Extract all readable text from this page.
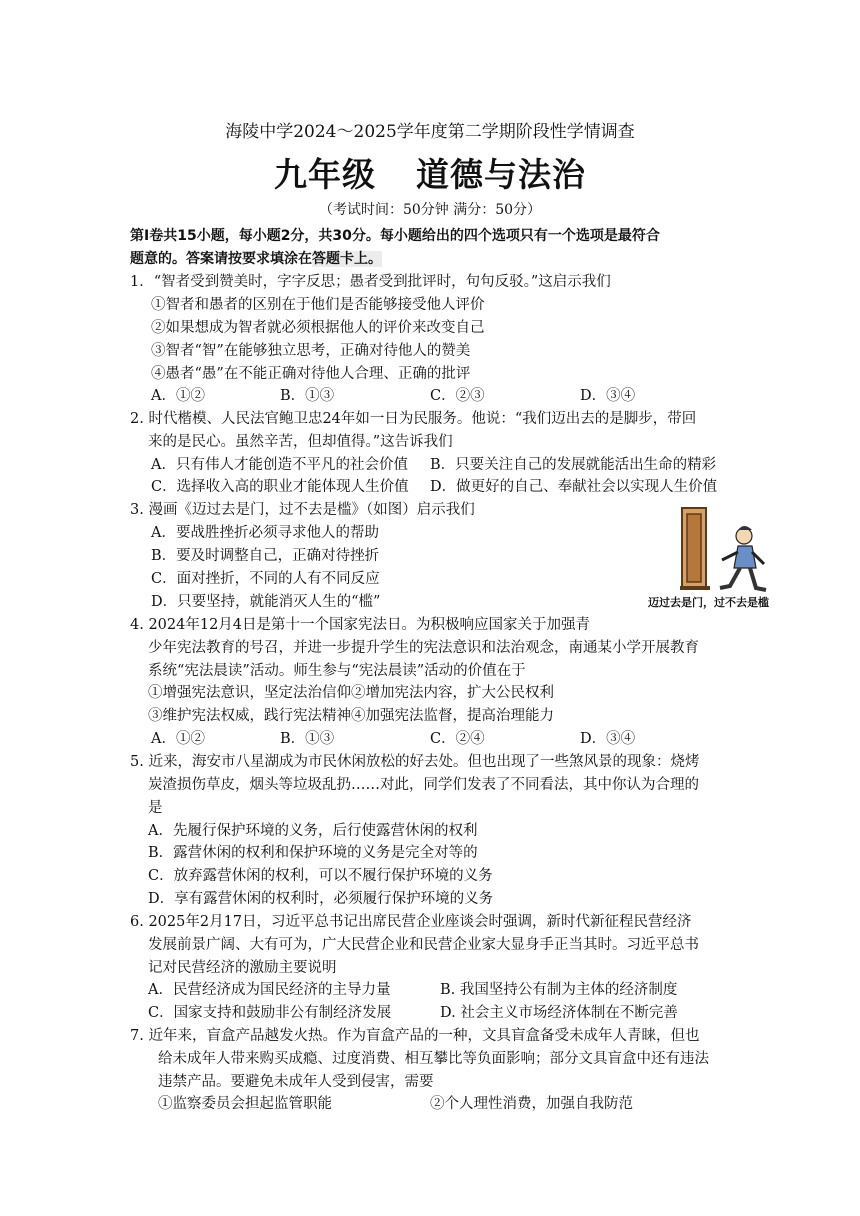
海陵中学2024～2025学年度第二学期阶段性学情调查
九年级 道德与法治
（考试时间：50分钟 满分：50分）
第Ⅰ卷共15小题，每小题2分，共30分。每小题给出的四个选项只有一个选项是最符合
题意的。答案请按要求填涂在答题卡上。
1．“智者受到赞美时，字字反思；愚者受到批评时，句句反驳。”这启示我们
①智者和愚者的区别在于他们是否能够接受他人评价
②如果想成为智者就必须根据他人的评价来改变自己
③智者“智”在能够独立思考，正确对待他人的赞美
④愚者“愚”在不能正确对待他人合理、正确的批评
A．①②	B．①③	C．②③	D．③④
2. 时代楷模、人民法官鲍卫忠24年如一日为民服务。他说：“我们迈出去的是脚步，带回
来的是民心。虽然辛苦，但却值得。”这告诉我们
A．只有伟人才能创造不平凡的社会价值 B．只要关注自己的发展就能活出生命的精彩
C．选择收入高的职业才能体现人生价值 D．做更好的自己、奉献社会以实现人生价值
3. 漫画《迈过去是门，过不去是槛》（如图）启示我们
A．要战胜挫折必须寻求他人的帮助
B．要及时调整自己，正确对待挫折
C．面对挫折，不同的人有不同反应
D．只要坚持，就能消灭人生的“槛”	迈过去是门，过不去是槛
4. 2024年12月4日是第十一个国家宪法日。为积极响应国家关于加强青
少年宪法教育的号召，并进一步提升学生的宪法意识和法治观念，南通某小学开展教育
系统“宪法晨读”活动。师生参与“宪法晨读”活动的价值在于
①增强宪法意识，坚定法治信仰②增加宪法内容，扩大公民权利
③维护宪法权威，践行宪法精神④加强宪法监督，提高治理能力
A．①②	B．①③	C．②④	D．③④
5. 近来，海安市八星湖成为市民休闲放松的好去处。但也出现了一些煞风景的现象：烧烤
炭渣损伤草皮，烟头等垃圾乱扔……对此，同学们发表了不同看法，其中你认为合理的
是
A．先履行保护环境的义务，后行使露营休闲的权利
B．露营休闲的权利和保护环境的义务是完全对等的
C．放弃露营休闲的权利，可以不履行保护环境的义务
D．享有露营休闲的权利时，必须履行保护环境的义务
6. 2025年2月17日，习近平总书记出席民营企业座谈会时强调，新时代新征程民营经济
发展前景广阔、大有可为，广大民营企业和民营企业家大显身手正当其时。习近平总书
记对民营经济的激励主要说明
A．民营经济成为国民经济的主导力量	B. 我国坚持公有制为主体的经济制度
C．国家支持和鼓励非公有制经济发展	D. 社会主义市场经济体制在不断完善
7. 近年来，盲盒产品越发火热。作为盲盒产品的一种，文具盲盒备受未成年人青睐，但也
给未成年人带来购买成瘾、过度消费、相互攀比等负面影响；部分文具盲盒中还有违法
违禁产品。要避免未成年人受到侵害，需要
①监察委员会担起监管职能	②个人理性消费，加强自我防范
